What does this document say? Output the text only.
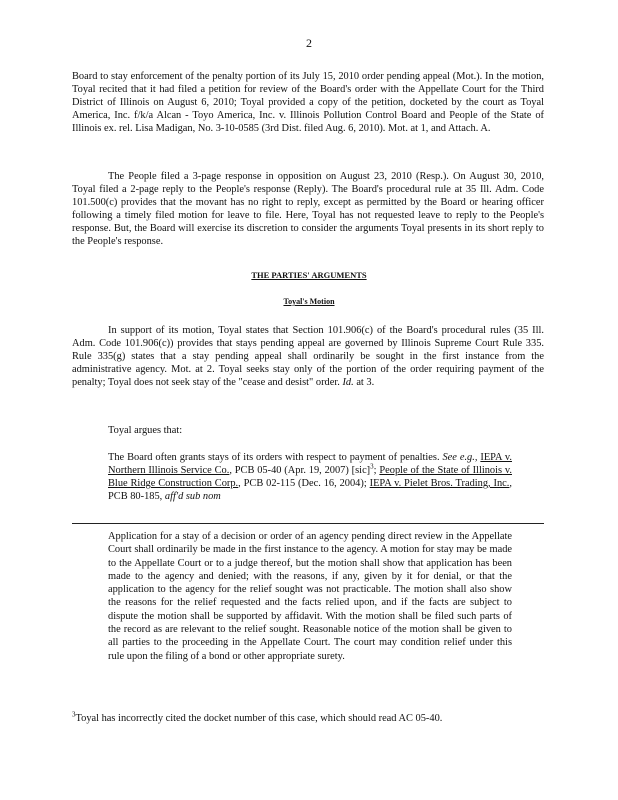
2
Board to stay enforcement of the penalty portion of its July 15, 2010 order pending appeal (Mot.). In the motion, Toyal recited that it had filed a petition for review of the Board's order with the Appellate Court for the Third District of Illinois on August 6, 2010; Toyal provided a copy of the petition, docketed by the court as Toyal America, Inc. f/k/a Alcan - Toyo America, Inc. v. Illinois Pollution Control Board and People of the State of Illinois ex. rel. Lisa Madigan, No. 3-10-0585 (3rd Dist. filed Aug. 6, 2010). Mot. at 1, and Attach. A.
The People filed a 3-page response in opposition on August 23, 2010 (Resp.). On August 30, 2010, Toyal filed a 2-page reply to the People's response (Reply). The Board's procedural rule at 35 Ill. Adm. Code 101.500(c) provides that the movant has no right to reply, except as permitted by the Board or hearing officer following a timely filed motion for leave to file. Here, Toyal has not requested leave to reply to the People's response. But, the Board will exercise its discretion to consider the arguments Toyal presents in its short reply to the People's response.
THE PARTIES' ARGUMENTS
Toyal's Motion
In support of its motion, Toyal states that Section 101.906(c) of the Board's procedural rules (35 Ill. Adm. Code 101.906(c)) provides that stays pending appeal are governed by Illinois Supreme Court Rule 335. Rule 335(g) states that a stay pending appeal shall ordinarily be sought in the first instance from the administrative agency. Mot. at 2. Toyal seeks stay only of the portion of the order requiring payment of the penalty; Toyal does not seek stay of the "cease and desist" order. Id. at 3.
Toyal argues that:
The Board often grants stays of its orders with respect to payment of penalties. See e.g., IEPA v. Northern Illinois Service Co., PCB 05-40 (Apr. 19, 2007) [sic]$^3$; People of the State of Illinois v. Blue Ridge Construction Corp., PCB 02-115 (Dec. 16, 2004); IEPA v. Pielet Bros. Trading, Inc., PCB 80-185, aff'd sub nom
Application for a stay of a decision or order of an agency pending direct review in the Appellate Court shall ordinarily be made in the first instance to the agency. A motion for stay may be made to the Appellate Court or to a judge thereof, but the motion shall show that application has been made to the agency and denied; with the reasons, if any, given by it for denial, or that the application to the agency for the relief sought was not practicable. The motion shall also show the reasons for the relief requested and the facts relied upon, and if the facts are subject to dispute the motion shall be supported by affidavit. With the motion shall be filed such parts of the record as are relevant to the relief sought. Reasonable notice of the motion shall be given to all parties to the proceeding in the Appellate Court. The court may condition relief under this rule upon the filing of a bond or other appropriate surety.
$^3$Toyal has incorrectly cited the docket number of this case, which should read AC 05-40.
